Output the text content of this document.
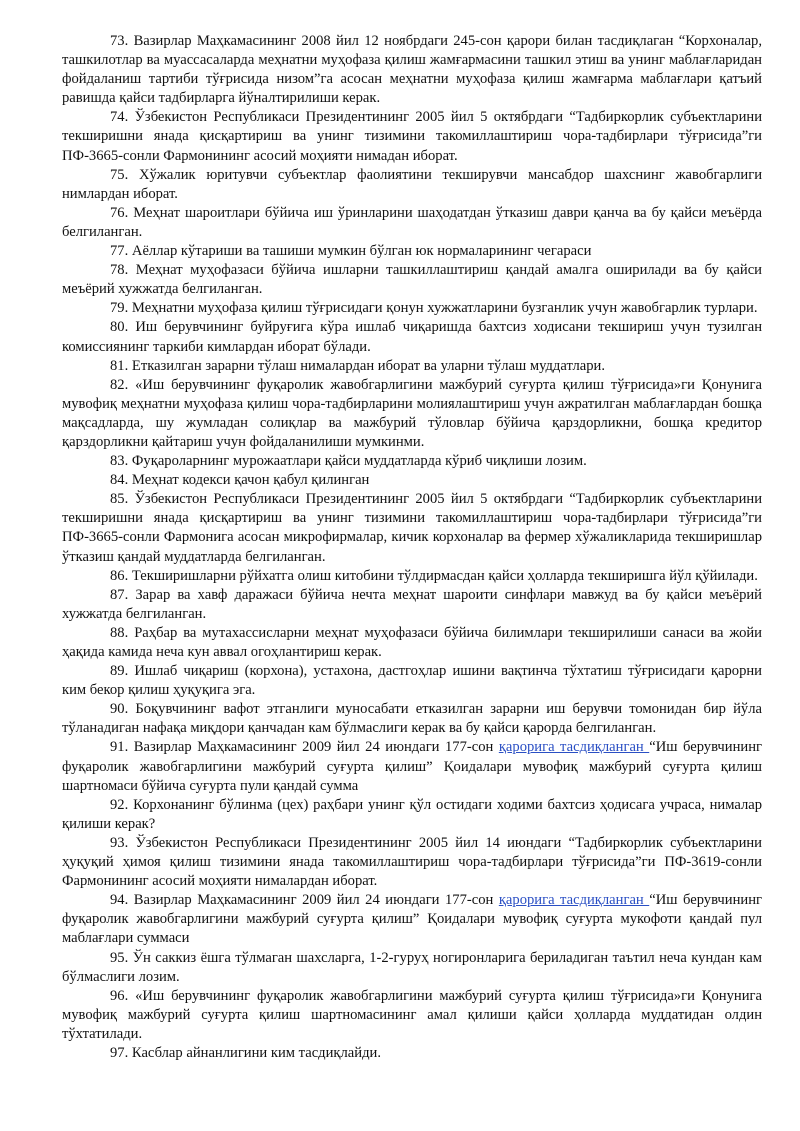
73. Вазирлар Маҳкамасининг 2008 йил 12 ноябрдаги 245-сон қарори билан тасдиқлаган “Корхоналар, ташкилотлар ва муассасаларда меҳнатни муҳофаза қилиш жамғармасини ташкил этиш ва унинг маблағларидан фойдаланиш тартиби тўғрисида низом”га асосан меҳнатни муҳофаза қилиш жамғарма маблағлари қатъий равишда қайси тадбирларга йўналтирилиши керак.

74. Ўзбекистон Республикаси Президентининг 2005 йил 5 октябрдаги “Тадбиркорлик субъектларини текширишни янада қисқартириш ва унинг тизимини такомиллаштириш чора-тадбирлари тўғрисида”ги ПФ-3665-сонли Фармонининг асосий моҳияти нимадан иборат.

75. Хўжалик юритувчи субъектлар фаолиятини текширувчи мансабдор шахснинг жавобгарлиги нимлардан иборат.

76. Меҳнат шароитлари бўйича иш ўринларини шаҳодатдан ўтказиш даври қанча ва бу қайси меъёрда белгиланган.

77. Аёллар кўтариши ва ташиши мумкин бўлган юк нормаларининг чегараси

78. Меҳнат муҳофазаси бўйича ишларни ташкиллаштириш қандай амалга оширилади ва бу қайси меъёрий хужжатда белгиланган.

79. Меҳнатни муҳофаза қилиш тўғрисидаги қонун хужжатларини бузганлик учун жавобгарлик турлари.

80. Иш берувчининг буйруғига кўра ишлаб чиқаришда бахтсиз ходисани текшириш учун тузилган комиссиянинг таркиби кимлардан иборат бўлади.

81. Етказилган зарарни тўлаш нималардан иборат ва уларни тўлаш муддатлари.

82. «Иш берувчининг фуқаролик жавобгарлигини мажбурий суғурта қилиш тўғрисида»ги Қонунига мувофиқ меҳнатни муҳофаза қилиш чора-тадбирларини молиялаштириш учун ажратилган маблағлардан бошқа мақсадларда, шу жумладан солиқлар ва мажбурий тўловлар бўйича қарздорликни, бошқа кредитор қарздорликни қайтариш учун фойдаланилиши мумкинми.

83. Фуқароларнинг мурожаатлари қайси муддатларда кўриб чиқлиши лозим.

84. Меҳнат кодекси қачон қабул қилинган

85. Ўзбекистон Республикаси Президентининг 2005 йил 5 октябрдаги “Тадбиркорлик субъектларини текширишни янада қисқартириш ва унинг тизимини такомиллаштириш чора-тадбирлари тўғрисида”ги ПФ-3665-сонли Фармонига асосан микрофирмалар, кичик корхоналар ва фермер хўжаликларида текширишлар ўтказиш қандай муддатларда белгиланган.

86. Текширишларни рўйхатга олиш китобини тўлдирмасдан қайси ҳолларда текширишга йўл қўйилади.

87. Зарар ва хавф даражаси бўйича нечта меҳнат шароити синфлари мавжуд ва бу қайси меъёрий хужжатда белгиланган.

88. Раҳбар ва мутахассисларни меҳнат муҳофазаси бўйича билимлари текширилиши санаси ва жойи ҳақида камида неча кун аввал огоҳлантириш керак.

89. Ишлаб чиқариш (корхона), устахона, дастгоҳлар ишини вақтинча тўхтатиш тўғрисидаги қарорни ким бекор қилиш ҳуқуқига эга.

90. Боқувчининг вафот этганлиги муносабати етказилган зарарни иш берувчи томонидан бир йўла тўланадиган нафақа миқдори қанчадан кам бўлмаслиги керак ва бу қайси қарорда белгиланган.

91. Вазирлар Маҳкамасининг 2009 йил 24 июндаги 177-сон қарорига тасдиқланган “Иш берувчининг фуқаролик жавобгарлигини мажбурий суғурта қилиш” Қоидалари мувофиқ мажбурий суғурта қилиш шартномаси бўйича суғурта пули қандай сумма

92. Корхонанинг бўлинма (цех) раҳбари унинг қўл остидаги ходими бахтсиз ҳодисага учраса, нималар қилиши керак?

93. Ўзбекистон Республикаси Президентининг 2005 йил 14 июндаги “Тадбиркорлик субъектларини ҳуқуқий ҳимоя қилиш тизимини янада такомиллаштириш чора-тадбирлари тўғрисида”ги ПФ-3619-сонли Фармонининг асосий моҳияти нималардан иборат.

94. Вазирлар Маҳкамасининг 2009 йил 24 июндаги 177-сон қарорига тасдиқланган “Иш берувчининг фуқаролик жавобгарлигини мажбурий суғурта қилиш” Қоидалари мувофиқ суғурта мукофоти қандай пул маблағлари суммаси

95. Ўн саккиз ёшга тўлмаган шахсларга, 1-2-гуруҳ ногиронларига бериладиган таътил неча кундан кам бўлмаслиги лозим.

96. «Иш берувчининг фуқаролик жавобгарлигини мажбурий суғурта қилиш тўғрисида»ги Қонунига мувофиқ мажбурий суғурта қилиш шартномасининг амал қилиши қайси ҳолларда муддатидан олдин тўхтатилади.

97. Касблар айнанлигини ким тасдиқлайди.
